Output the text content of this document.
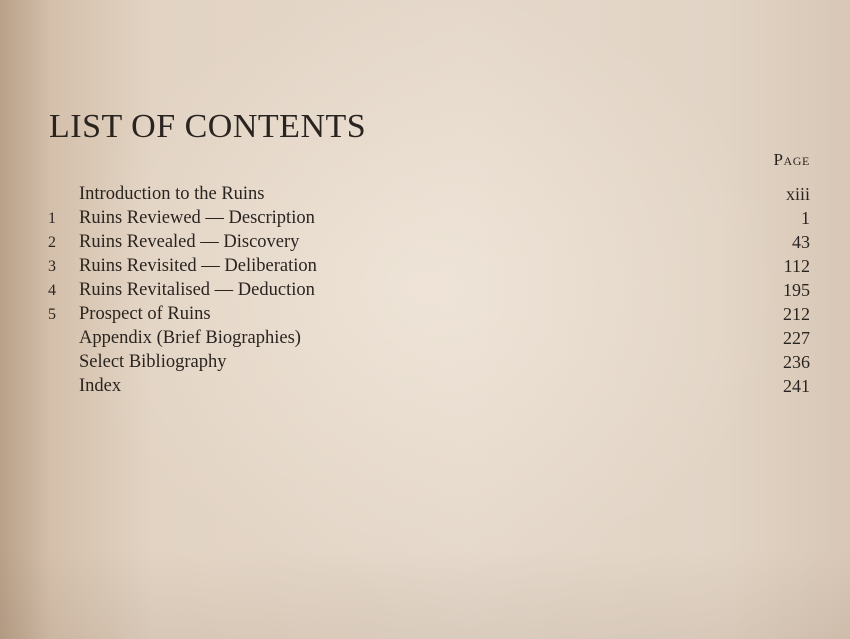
LIST OF CONTENTS
Page
Introduction to the Ruins	xiii
1	Ruins Reviewed — Description	1
2	Ruins Revealed — Discovery	43
3	Ruins Revisited — Deliberation	112
4	Ruins Revitalised — Deduction	195
5	Prospect of Ruins	212
Appendix (Brief Biographies)	227
Select Bibliography	236
Index	241
